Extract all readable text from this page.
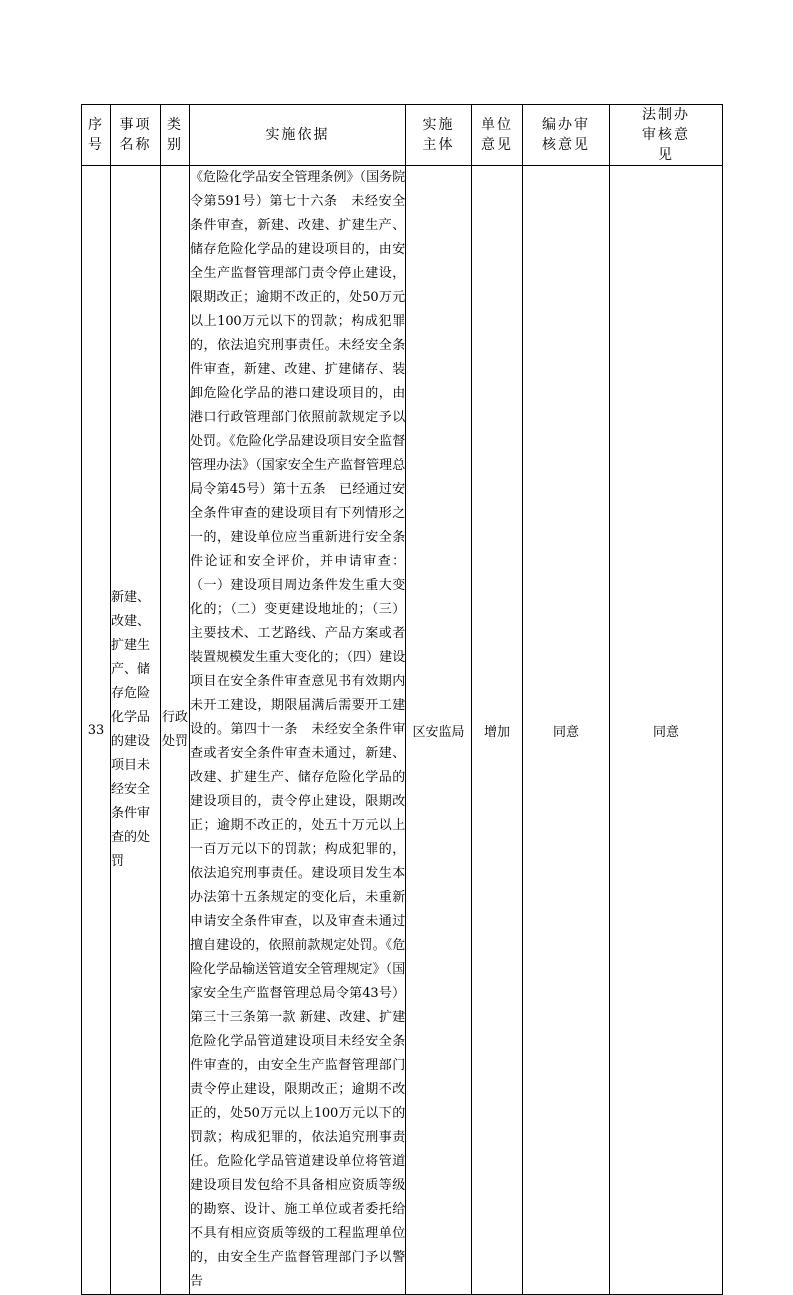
序号	事项名称	类别	实施依据	实施主体	单位意见	编办审核意见	法制办审核意见
33	新建、改建、扩建生产、储存危险化学品的建设项目未经安全条件审查的处罚	行政处罚	《危险化学品安全管理条例》（国务院令第591号）第七十六条　未经安全条件审查，新建、改建、扩建生产、储存危险化学品的建设项目的，由安全生产监督管理部门责令停止建设，限期改正；逾期不改正的，处50万元以上100万元以下的罚款；构成犯罪的，依法追究刑事责任。未经安全条件审查，新建、改建、扩建储存、装卸危险化学品的港口建设项目的，由港口行政管理部门依照前款规定予以处罚。《危险化学品建设项目安全监督管理办法》（国家安全生产监督管理总局令第45号）第十五条　已经通过安全条件审查的建设项目有下列情形之一的，建设单位应当重新进行安全条件论证和安全评价，并申请审查：（一）建设项目周边条件发生重大变化的；（二）变更建设地址的；（三）主要技术、工艺路线、产品方案或者装置规模发生重大变化的；（四）建设项目在安全条件审查意见书有效期内未开工建设，期限届满后需要开工建设的。第四十一条　未经安全条件审查或者安全条件审查未通过，新建、改建、扩建生产、储存危险化学品的建设项目的，责令停止建设，限期改正；逾期不改正的，处五十万元以上一百万元以下的罚款；构成犯罪的，依法追究刑事责任。建设项目发生本办法第十五条规定的变化后，未重新申请安全条件审查，以及审查未通过擅自建设的，依照前款规定处罚。《危险化学品输送管道安全管理规定》（国家安全生产监督管理总局令第43号）第三十三条第一款 新建、改建、扩建危险化学品管道建设项目未经安全条件审查的，由安全生产监督管理部门责令停止建设，限期改正；逾期不改正的，处50万元以上100万元以下的罚款；构成犯罪的，依法追究刑事责任。危险化学品管道建设单位将管道建设项目发包给不具备相应资质等级的勘察、设计、施工单位或者委托给不具有相应资质等级的工程监理单位的，由安全生产监督管理部门予以警告	区安监局	增加	同意	同意
